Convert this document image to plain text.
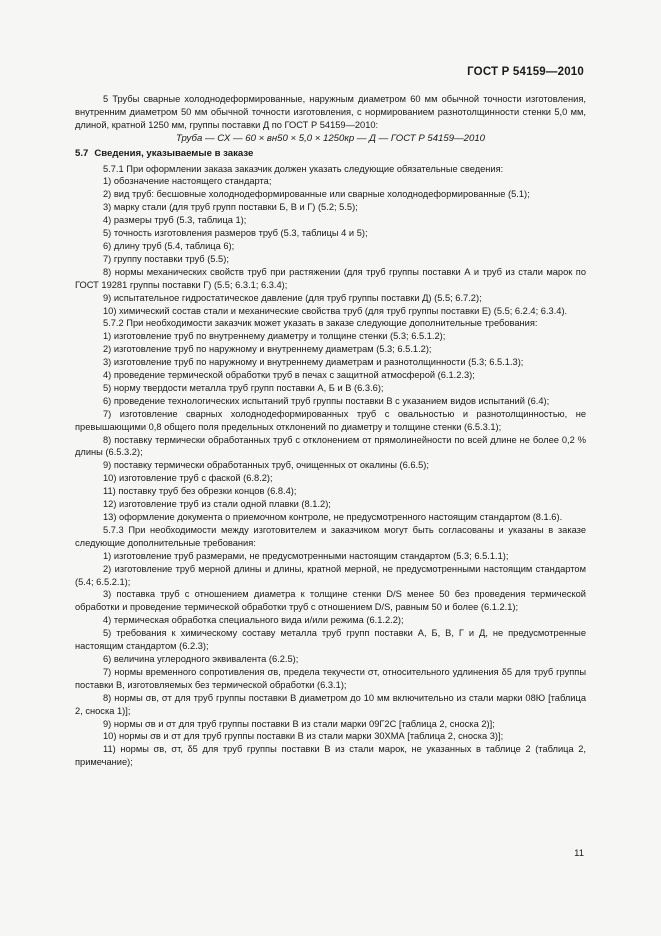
ГОСТ Р 54159—2010

5 Трубы сварные холоднодеформированные, наружным диаметром 60 мм обычной точности изготовления, внутренним диаметром 50 мм обычной точности изготовления, с нормированием разнотолщинности стенки 5,0 мм, длиной, кратной 1250 мм, группы поставки Д по ГОСТ Р 54159—2010:

Труба — СХ — 60 × вн50 × 5,0 × 1250кр — Д — ГОСТ Р 54159—2010

5.7 Сведения, указываемые в заказе

5.7.1 При оформлении заказа заказчик должен указать следующие обязательные сведения:

1) обозначение настоящего стандарта;

2) вид труб: бесшовные холоднодеформированные или сварные холоднодеформированные (5.1);

3) марку стали (для труб групп поставки Б, В и Г) (5.2; 5.5);

4) размеры труб (5.3, таблица 1);

5) точность изготовления размеров труб (5.3, таблицы 4 и 5);

6) длину труб (5.4, таблица 6);

7) группу поставки труб (5.5);

8) нормы механических свойств труб при растяжении (для труб группы поставки А и труб из стали марок по ГОСТ 19281 группы поставки Г) (5.5; 6.3.1; 6.3.4);

9) испытательное гидростатическое давление (для труб группы поставки Д) (5.5; 6.7.2);

10) химический состав стали и механические свойства труб (для труб группы поставки Е) (5.5; 6.2.4; 6.3.4).

5.7.2 При необходимости заказчик может указать в заказе следующие дополнительные требования:

1) изготовление труб по внутреннему диаметру и толщине стенки (5.3; 6.5.1.2);

2) изготовление труб по наружному и внутреннему диаметрам (5.3; 6.5.1.2);

3) изготовление труб по наружному и внутреннему диаметрам и разнотолщинности (5.3; 6.5.1.3);

4) проведение термической обработки труб в печах с защитной атмосферой (6.1.2.3);

5) норму твердости металла труб групп поставки А, Б и В (6.3.6);

6) проведение технологических испытаний труб группы поставки В с указанием видов испытаний (6.4);

7) изготовление сварных холоднодеформированных труб с овальностью и разнотолщинностью, не превышающими 0,8 общего поля предельных отклонений по диаметру и толщине стенки (6.5.3.1);

8) поставку термически обработанных труб с отклонением от прямолинейности по всей длине не более 0,2 % длины (6.5.3.2);

9) поставку термически обработанных труб, очищенных от окалины (6.6.5);

10) изготовление труб с фаской (6.8.2);

11) поставку труб без обрезки концов (6.8.4);

12) изготовление труб из стали одной плавки (8.1.2);

13) оформление документа о приемочном контроле, не предусмотренного настоящим стандартом (8.1.6).

5.7.3 При необходимости между изготовителем и заказчиком могут быть согласованы и указаны в заказе следующие дополнительные требования:

1) изготовление труб размерами, не предусмотренными настоящим стандартом (5.3; 6.5.1.1);

2) изготовление труб мерной длины и длины, кратной мерной, не предусмотренными настоящим стандартом (5.4; 6.5.2.1);

3) поставка труб с отношением диаметра к толщине стенки D/S менее 50 без проведения термической обработки и проведение термической обработки труб с отношением D/S, равным 50 и более (6.1.2.1);

4) термическая обработка специального вида и/или режима (6.1.2.2);

5) требования к химическому составу металла труб групп поставки А, Б, В, Г и Д, не предусмотренные настоящим стандартом (6.2.3);

6) величина углеродного эквивалента (6.2.5);

7) нормы временного сопротивления σв, предела текучести σт, относительного удлинения δ5 для труб группы поставки В, изготовляемых без термической обработки (6.3.1);

8) нормы σв, σт для труб группы поставки В диаметром до 10 мм включительно из стали марки 08Ю [таблица 2, сноска 1)];

9) нормы σв и σт для труб группы поставки В из стали марки 09Г2С [таблица 2, сноска 2)];

10) нормы σв и σт для труб группы поставки В из стали марки 30ХМА [таблица 2, сноска 3)];

11) нормы σв, σт, δ5 для труб группы поставки В из стали марок, не указанных в таблице 2 (таблица 2, примечание);

11
